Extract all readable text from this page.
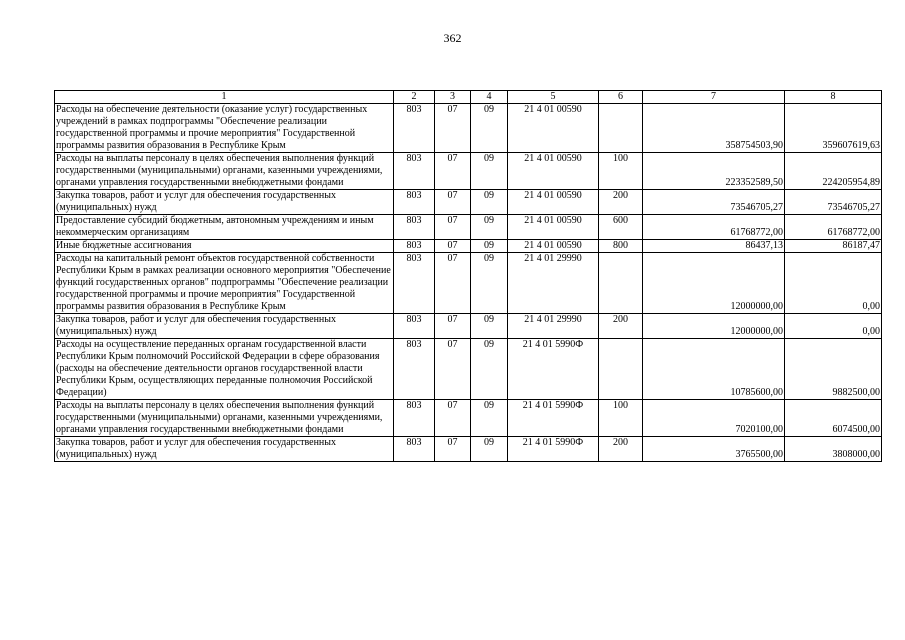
362
1	2	3	4	5	6	7	8
Расходы на обеспечение деятельности (оказание услуг) государственных учреждений в рамках подпрограммы "Обеспечение реализации государственной программы и прочие мероприятия" Государственной программы развития образования в Республике Крым	803	07	09	21 4 01 00590		358754503,90	359607619,63
Расходы на выплаты персоналу в целях обеспечения выполнения функций государственными (муниципальными) органами, казенными учреждениями, органами управления государственными внебюджетными фондами	803	07	09	21 4 01 00590	100	223352589,50	224205954,89
Закупка товаров, работ и услуг для обеспечения государственных (муниципальных) нужд	803	07	09	21 4 01 00590	200	73546705,27	73546705,27
Предоставление субсидий бюджетным, автономным учреждениям и иным некоммерческим организациям	803	07	09	21 4 01 00590	600	61768772,00	61768772,00
Иные бюджетные ассигнования	803	07	09	21 4 01 00590	800	86437,13	86187,47
Расходы на капитальный ремонт объектов государственной собственности Республики Крым в рамках реализации основного мероприятия "Обеспечение функций государственных органов" подпрограммы "Обеспечение реализации государственной программы и прочие мероприятия" Государственной программы развития образования в Республике Крым	803	07	09	21 4 01 29990		12000000,00	0,00
Закупка товаров, работ и услуг для обеспечения государственных (муниципальных) нужд	803	07	09	21 4 01 29990	200	12000000,00	0,00
Расходы на осуществление переданных органам государственной власти Республики Крым полномочий Российской Федерации в сфере образования (расходы на обеспечение деятельности органов государственной власти Республики Крым, осуществляющих переданные полномочия Российской Федерации)	803	07	09	21 4 01 5990Ф		10785600,00	9882500,00
Расходы на выплаты персоналу в целях обеспечения выполнения функций государственными (муниципальными) органами, казенными учреждениями, органами управления государственными внебюджетными фондами	803	07	09	21 4 01 5990Ф	100	7020100,00	6074500,00
Закупка товаров, работ и услуг для обеспечения государственных (муниципальных) нужд	803	07	09	21 4 01 5990Ф	200	3765500,00	3808000,00
